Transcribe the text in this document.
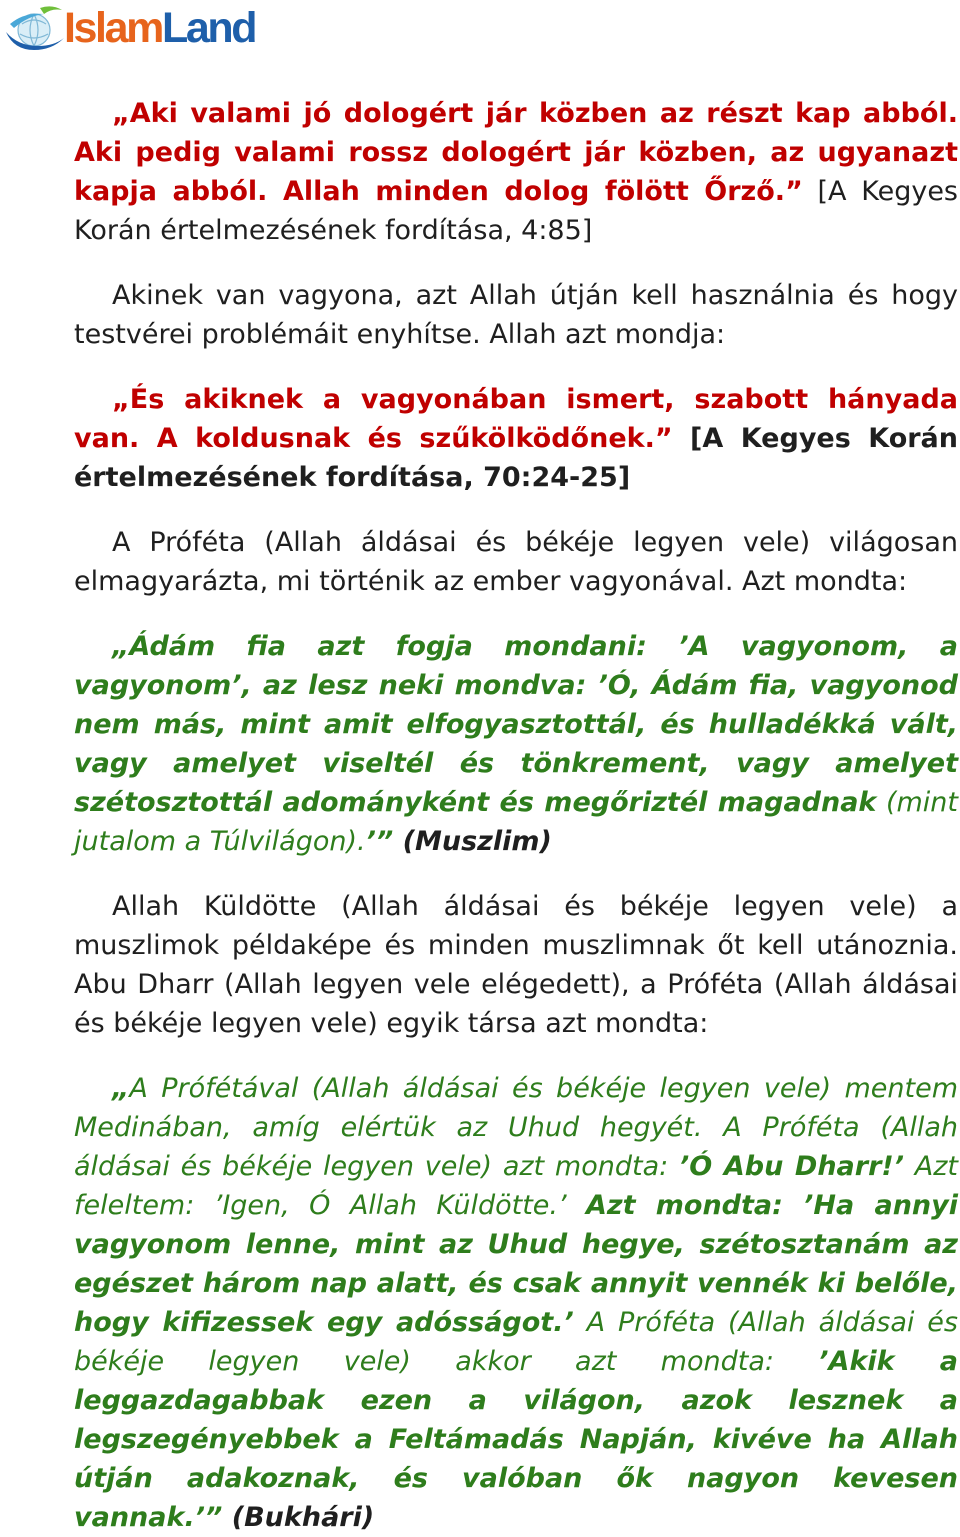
IslamLand

„Aki valami jó dologért jár közben az részt kap abból. Aki pedig valami rossz dologért jár közben, az ugyanazt kapja abból. Allah minden dolog fölött Őrző.” [A Kegyes Korán értelmezésének fordítása, 4:85]

Akinek van vagyona, azt Allah útján kell használnia és hogy testvérei problémáit enyhítse. Allah azt mondja:

„És akiknek a vagyonában ismert, szabott hányada van. A koldusnak és szűkölködőnek.” [A Kegyes Korán értelmezésének fordítása, 70:24-25]

A Próféta (Allah áldásai és békéje legyen vele) világosan elmagyarázta, mi történik az ember vagyonával. Azt mondta:

„Ádám fia azt fogja mondani: ’A vagyonom, a vagyonom’, az lesz neki mondva: ’Ó, Ádám fia, vagyonod nem más, mint amit elfogyasztottál, és hulladékká vált, vagy amelyet viseltél és tönkrement, vagy amelyet szétosztottál adományként és megőriztél magadnak (mint jutalom a Túlvilágon).’” (Muszlim)

Allah Küldötte (Allah áldásai és békéje legyen vele) a muszlimok példaképe és minden muszlimnak őt kell utánoznia. Abu Dharr (Allah legyen vele elégedett), a Próféta (Allah áldásai és békéje legyen vele) egyik társa azt mondta:

„A Prófétával (Allah áldásai és békéje legyen vele) mentem Medinában, amíg elértük az Uhud hegyét. A Próféta (Allah áldásai és békéje legyen vele) azt mondta: ’Ó Abu Dharr!’ Azt feleltem: ’Igen, Ó Allah Küldötte.’ Azt mondta: ’Ha annyi vagyonom lenne, mint az Uhud hegye, szétosztanám az egészet három nap alatt, és csak annyit vennék ki belőle, hogy kifizessek egy adósságot.’ A Próféta (Allah áldásai és békéje legyen vele) akkor azt mondta: ’Akik a leggazdagabbak ezen a világon, azok lesznek a legszegényebbek a Feltámadás Napján, kivéve ha Allah útján adakoznak, és valóban ők nagyon kevesen vannak.’” (Bukhári)
